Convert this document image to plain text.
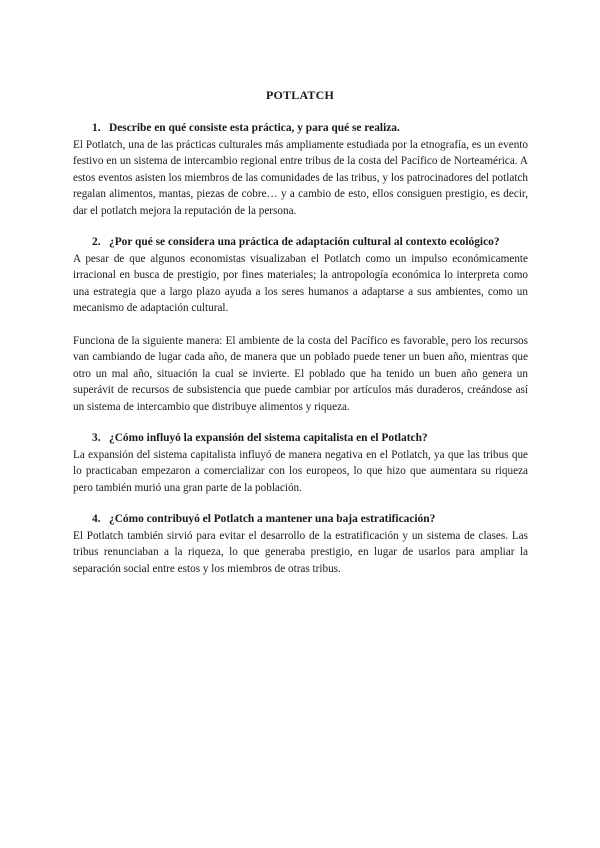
POTLATCH
1. Describe en qué consiste esta práctica, y para qué se realiza.

El Potlatch, una de las prácticas culturales más ampliamente estudiada por la etnografía, es un evento festivo en un sistema de intercambio regional entre tribus de la costa del Pacífico de Norteamérica. A estos eventos asisten los miembros de las comunidades de las tribus, y los patrocinadores del potlatch regalan alimentos, mantas, piezas de cobre… y a cambio de esto, ellos consiguen prestigio, es decir, dar el potlatch mejora la reputación de la persona.

2. ¿Por qué se considera una práctica de adaptación cultural al contexto ecológico?

A pesar de que algunos economistas visualizaban el Potlatch como un impulso económicamente irracional en busca de prestigio, por fines materiales; la antropología económica lo interpreta como una estrategia que a largo plazo ayuda a los seres humanos a adaptarse a sus ambientes, como un mecanismo de adaptación cultural.

Funciona de la siguiente manera: El ambiente de la costa del Pacífico es favorable, pero los recursos van cambiando de lugar cada año, de manera que un poblado puede tener un buen año, mientras que otro un mal año, situación la cual se invierte. El poblado que ha tenido un buen año genera un superávit de recursos de subsistencia que puede cambiar por artículos más duraderos, creándose así un sistema de intercambio que distribuye alimentos y riqueza.

3. ¿Cómo influyó la expansión del sistema capitalista en el Potlatch?

La expansión del sistema capitalista influyó de manera negativa en el Potlatch, ya que las tribus que lo practicaban empezaron a comercializar con los europeos, lo que hizo que aumentara su riqueza pero también murió una gran parte de la población.

4. ¿Cómo contribuyó el Potlatch a mantener una baja estratificación?

El Potlatch también sirvió para evitar el desarrollo de la estratificación y un sistema de clases. Las tribus renunciaban a la riqueza, lo que generaba prestigio, en lugar de usarlos para ampliar la separación social entre estos y los miembros de otras tribus.
